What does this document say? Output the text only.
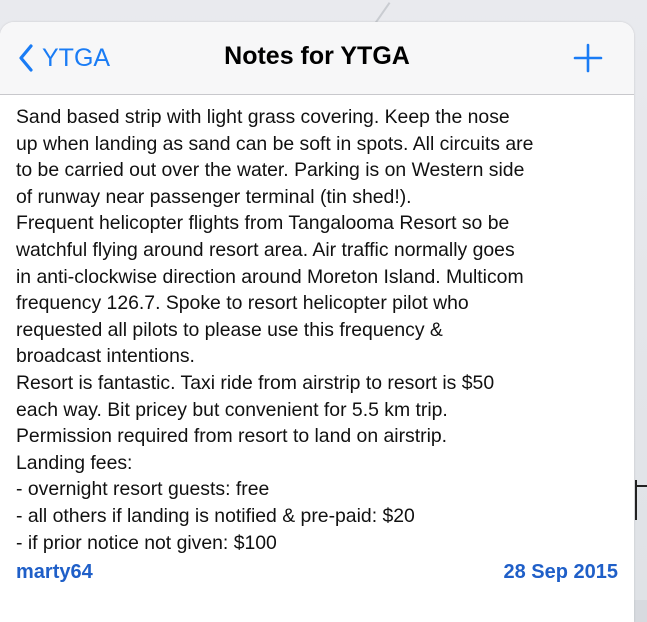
YTGA	Notes for YTGA
Sand based strip with light grass covering. Keep the nose
up when landing as sand can be soft in spots. All circuits are
to be carried out over the water. Parking is on Western side
of runway near passenger terminal (tin shed!).
Frequent helicopter flights from Tangalooma Resort so be
watchful flying around resort area. Air traffic normally goes
in anti-clockwise direction around Moreton Island. Multicom
frequency 126.7. Spoke to resort helicopter pilot who
requested all pilots to please use this frequency &
broadcast intentions.
Resort is fantastic. Taxi ride from airstrip to resort is $50
each way. Bit pricey but convenient for 5.5 km trip.
Permission required from resort to land on airstrip.
Landing fees:
- overnight resort guests: free
- all others if landing is notified & pre-paid: $20
- if prior notice not given: $100
marty64	28 Sep 2015
